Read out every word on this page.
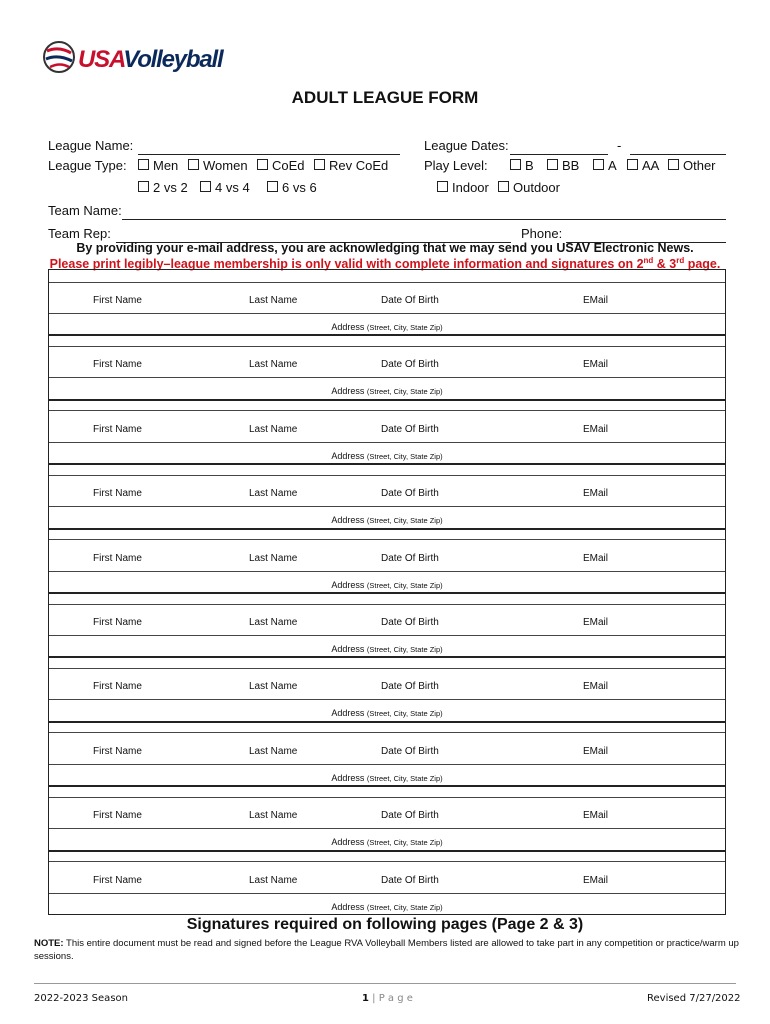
USAVolleyball
ADULT LEAGUE FORM
League Name:	League Dates:	-
League Type:	Men	Women	CoEd	Rev CoEd
2 vs 2	4 vs 4	6 vs 6
Play Level:	B	BB	A	AA	Other
Indoor	Outdoor
Team Name:
Team Rep:	Phone:
By providing your e-mail address, you are acknowledging that we may send you USAV Electronic News.
Please print legibly–league membership is only valid with complete information and signatures on 2nd & 3rd page.
First Name	Last Name	Date Of Birth	EMail
Address (Street, City, State Zip)
First Name	Last Name	Date Of Birth	EMail
Address (Street, City, State Zip)
First Name	Last Name	Date Of Birth	EMail
Address (Street, City, State Zip)
First Name	Last Name	Date Of Birth	EMail
Address (Street, City, State Zip)
First Name	Last Name	Date Of Birth	EMail
Address (Street, City, State Zip)
First Name	Last Name	Date Of Birth	EMail
Address (Street, City, State Zip)
First Name	Last Name	Date Of Birth	EMail
Address (Street, City, State Zip)
First Name	Last Name	Date Of Birth	EMail
Address (Street, City, State Zip)
First Name	Last Name	Date Of Birth	EMail
Address (Street, City, State Zip)
First Name	Last Name	Date Of Birth	EMail
Address (Street, City, State Zip)
Signatures required on following pages (Page 2 & 3)
NOTE: This entire document must be read and signed before the League RVA Volleyball Members listed are allowed to take part in any competition or practice/warm up sessions.
2022-2023 Season	1 | P a g e	Revised 7/27/2022
